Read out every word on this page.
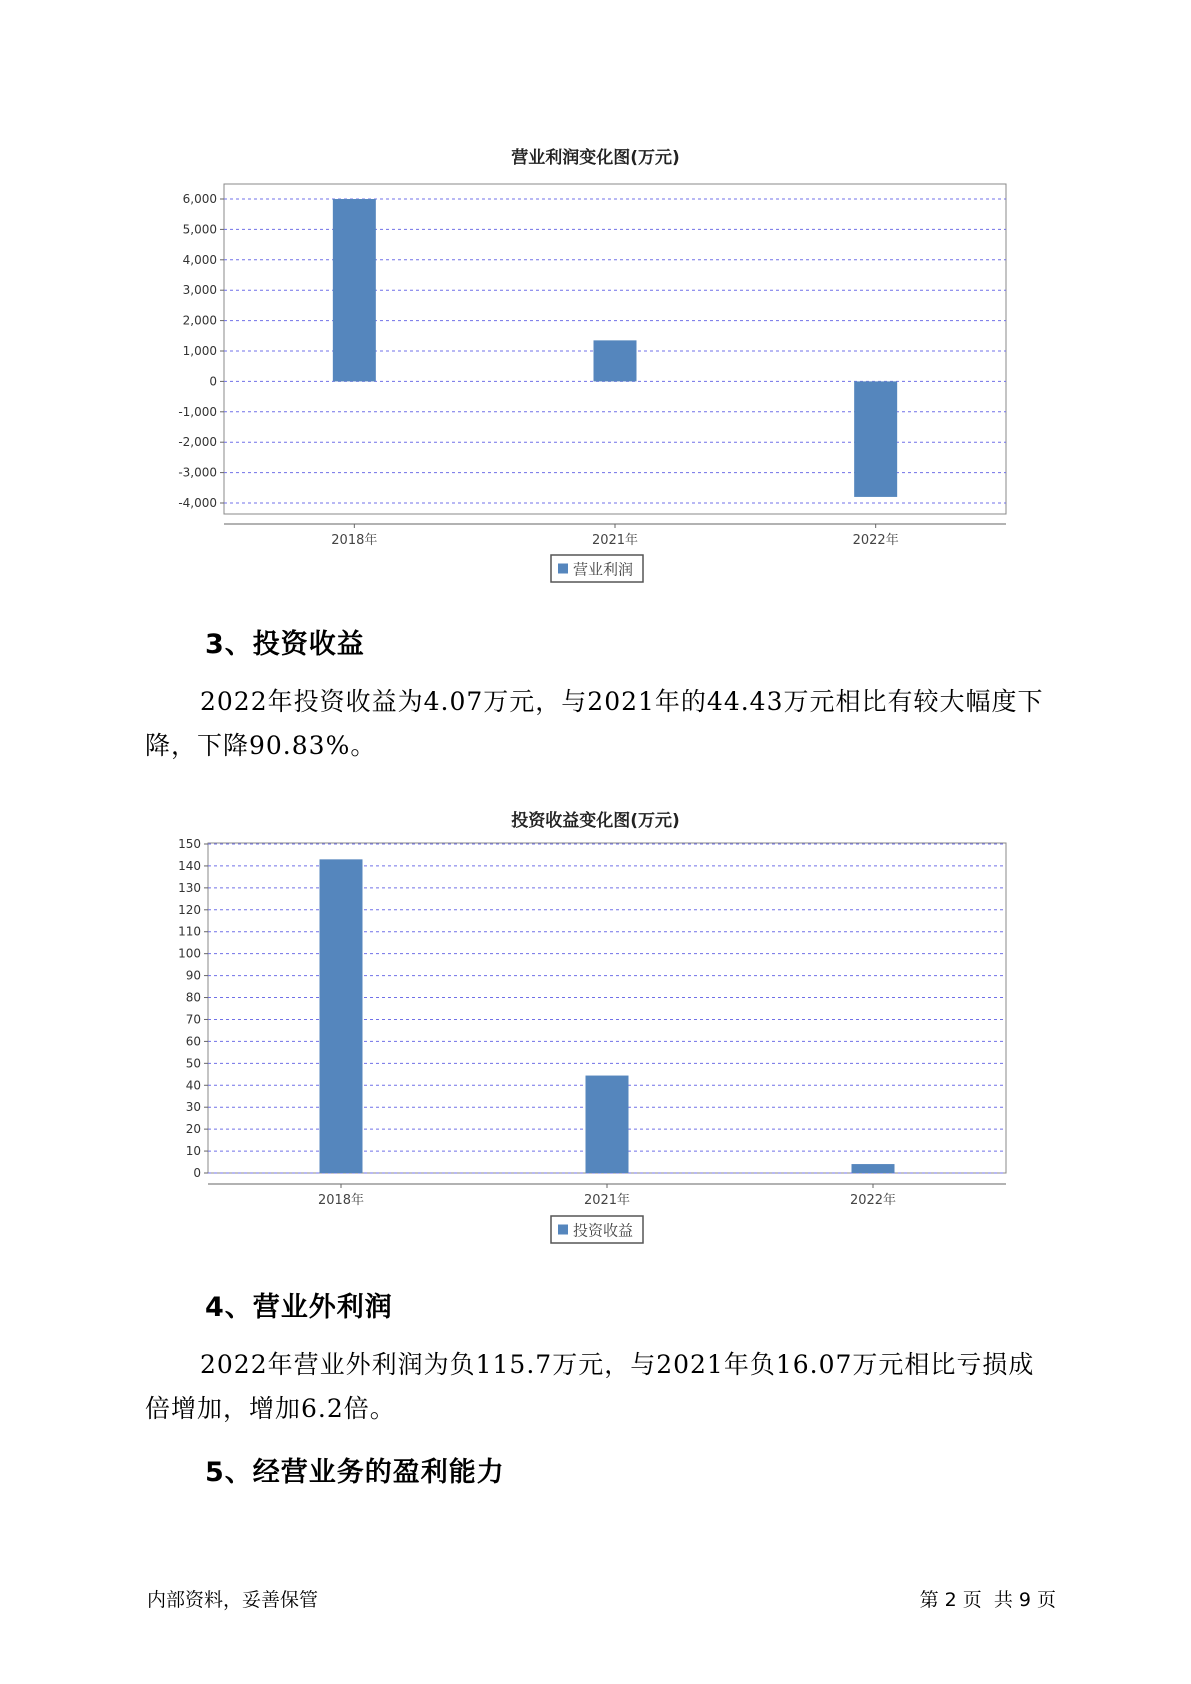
营业利润变化图(万元)
6,000
5,000
4,000
3,000
2,000
1,000
0
-1,000
-2,000
-3,000
-4,000
2018年	2021年	2022年
营业利润
3、投资收益
2022年投资收益为4.07万元，与2021年的44.43万元相比有较大幅度下
降，下降90.83%。
投资收益变化图(万元)
150
140
130
120
110
100
90
80
70
60
50
40
30
20
10
0
2018年	2021年	2022年
投资收益
4、营业外利润
2022年营业外利润为负115.7万元，与2021年负16.07万元相比亏损成
倍增加，增加6.2倍。
5、经营业务的盈利能力
内部资料，妥善保管	第 2 页  共 9 页
